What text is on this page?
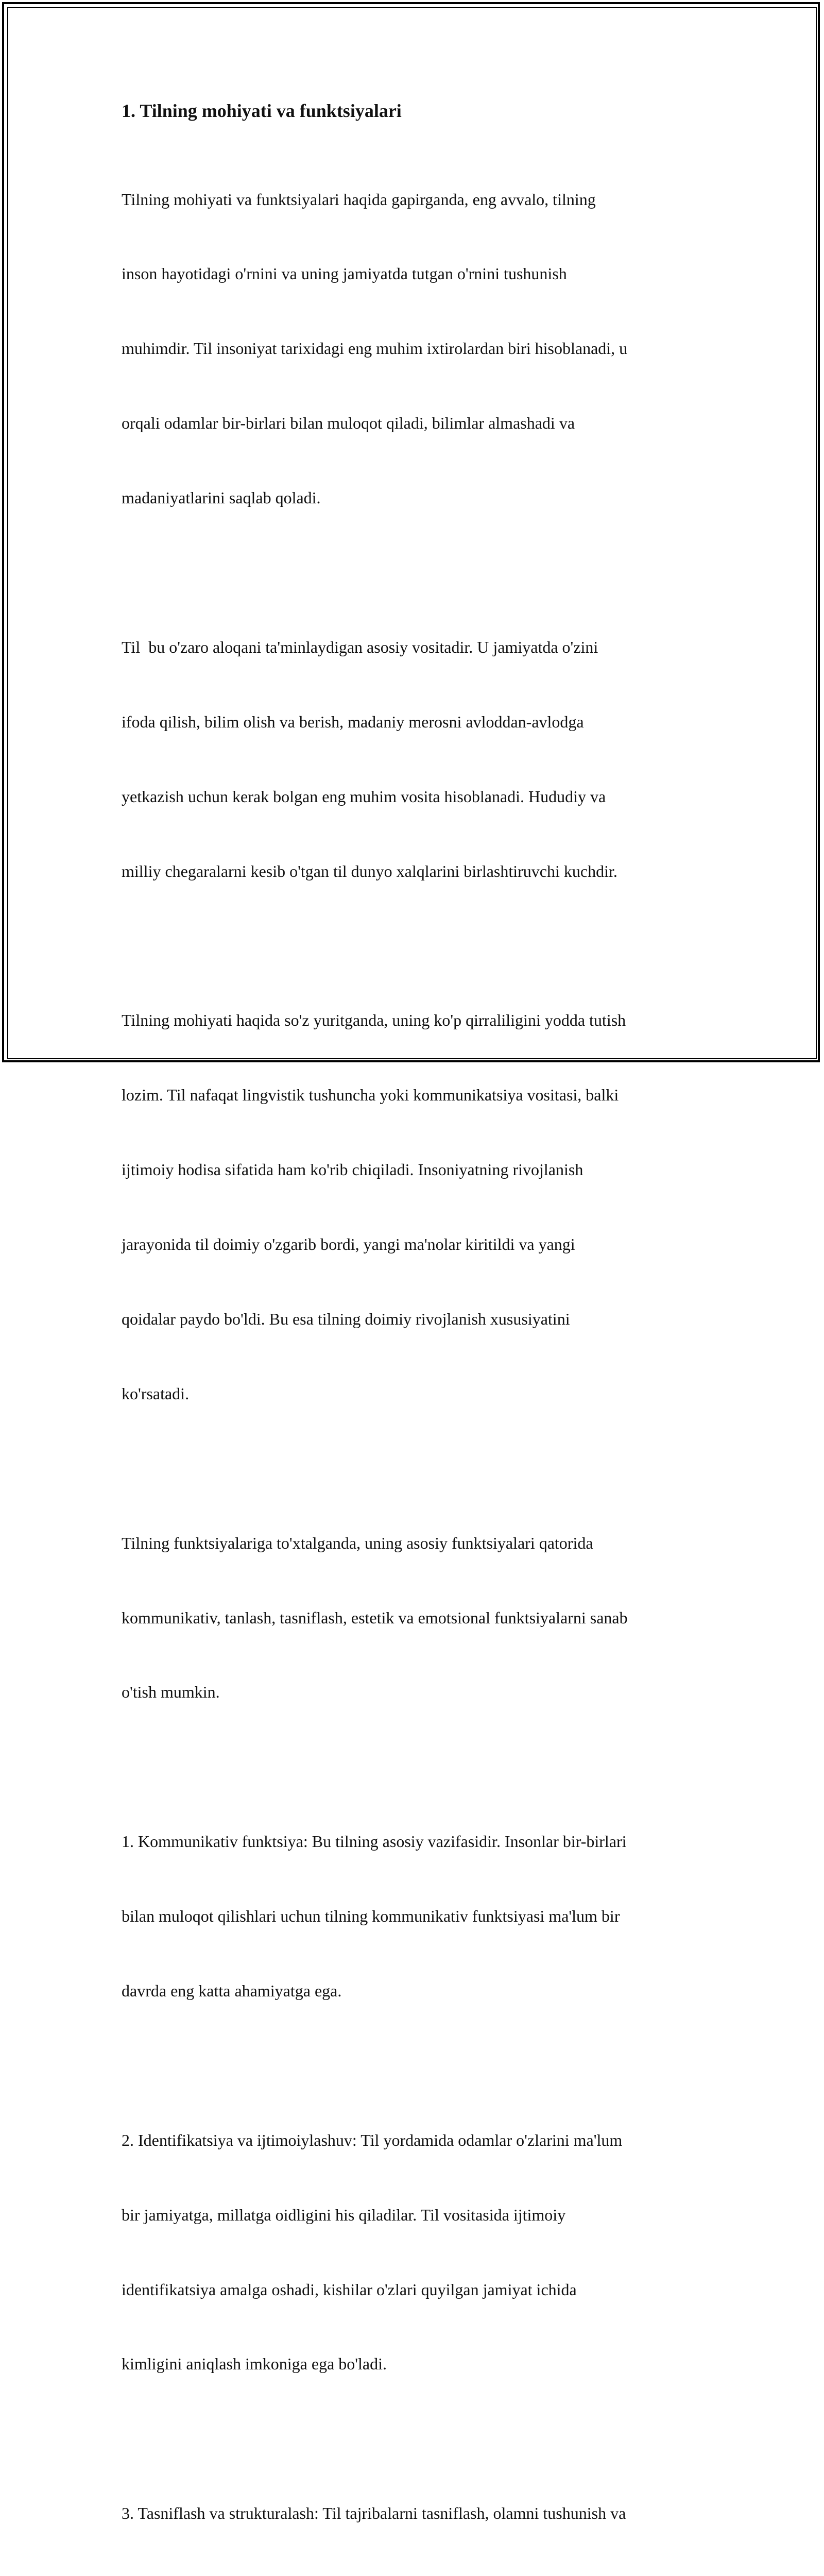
1. Tilning mohiyati va funktsiyalari

Tilning mohiyati va funktsiyalari haqida gapirganda, eng avvalo, tilning

inson hayotidagi o'rnini va uning jamiyatda tutgan o'rnini tushunish

muhimdir. Til insoniyat tarixidagi eng muhim ixtirolardan biri hisoblanadi, u

orqali odamlar bir-birlari bilan muloqot qiladi, bilimlar almashadi va

madaniyatlarini saqlab qoladi.

Til  bu o'zaro aloqani ta'minlaydigan asosiy vositadir. U jamiyatda o'zini

ifoda qilish, bilim olish va berish, madaniy merosni avloddan-avlodga

yetkazish uchun kerak bolgan eng muhim vosita hisoblanadi. Hududiy va

milliy chegaralarni kesib o'tgan til dunyo xalqlarini birlashtiruvchi kuchdir.

Tilning mohiyati haqida so'z yuritganda, uning ko'p qirraliligini yodda tutish

lozim. Til nafaqat lingvistik tushuncha yoki kommunikatsiya vositasi, balki

ijtimoiy hodisa sifatida ham ko'rib chiqiladi. Insoniyatning rivojlanish

jarayonida til doimiy o'zgarib bordi, yangi ma'nolar kiritildi va yangi

qoidalar paydo bo'ldi. Bu esa tilning doimiy rivojlanish xususiyatini

ko'rsatadi.

Tilning funktsiyalariga to'xtalganda, uning asosiy funktsiyalari qatorida

kommunikativ, tanlash, tasniflash, estetik va emotsional funktsiyalarni sanab

o'tish mumkin.

1. Kommunikativ funktsiya: Bu tilning asosiy vazifasidir. Insonlar bir-birlari

bilan muloqot qilishlari uchun tilning kommunikativ funktsiyasi ma'lum bir

davrda eng katta ahamiyatga ega.

2. Identifikatsiya va ijtimoiylashuv: Til yordamida odamlar o'zlarini ma'lum

bir jamiyatga, millatga oidligini his qiladilar. Til vositasida ijtimoiy

identifikatsiya amalga oshadi, kishilar o'zlari quyilgan jamiyat ichida

kimligini aniqlash imkoniga ega bo'ladi.

3. Tasniflash va strukturalash: Til tajribalarni tasniflash, olamni tushunish va
